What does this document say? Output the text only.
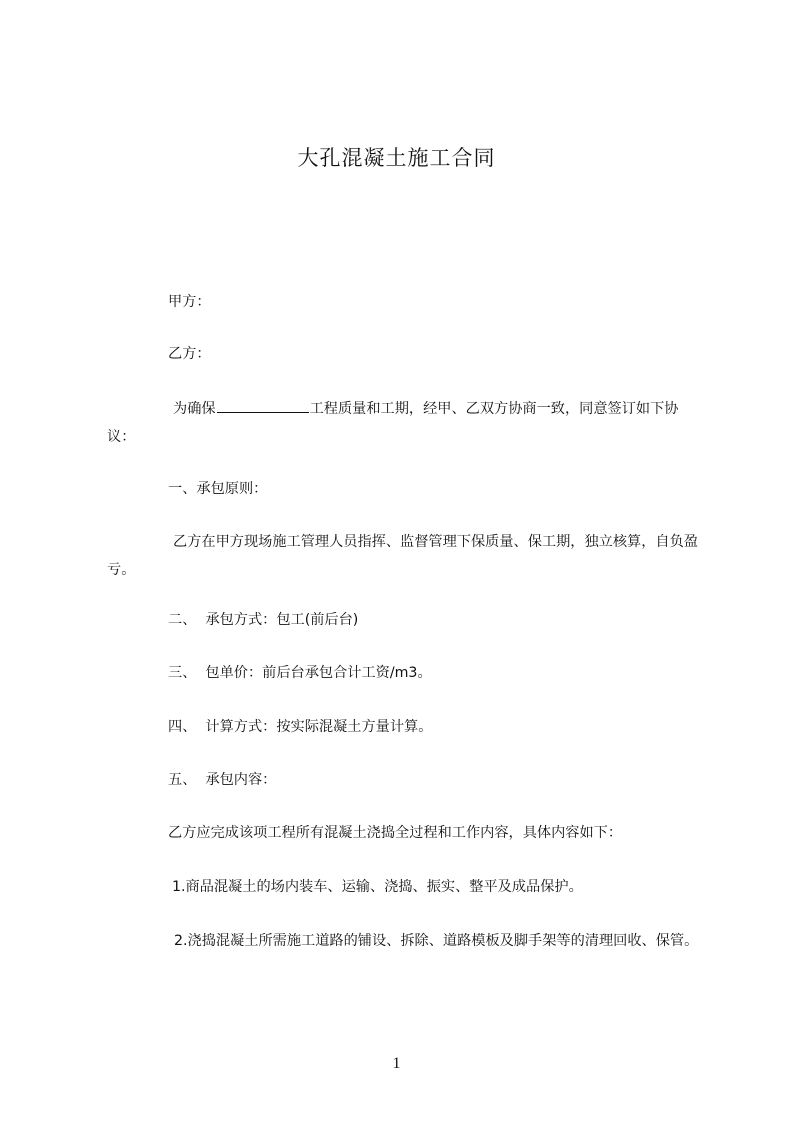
大孔混凝土施工合同
甲方：
乙方：
为确保	工程质量和工期，经甲、乙双方协商一致，同意签订如下协议：
一、承包原则：
乙方在甲方现场施工管理人员指挥、监督管理下保质量、保工期，独立核算，自负盈亏。
二、  承包方式：包工(前后台)
三、  包单价：前后台承包合计工资/m3。
四、  计算方式：按实际混凝土方量计算。
五、  承包内容：
乙方应完成该项工程所有混凝土浇捣全过程和工作内容，具体内容如下：
1.商品混凝土的场内装车、运输、浇捣、振实、整平及成品保护。
2.浇捣混凝土所需施工道路的铺设、拆除、道路模板及脚手架等的清理回收、保管。
1
